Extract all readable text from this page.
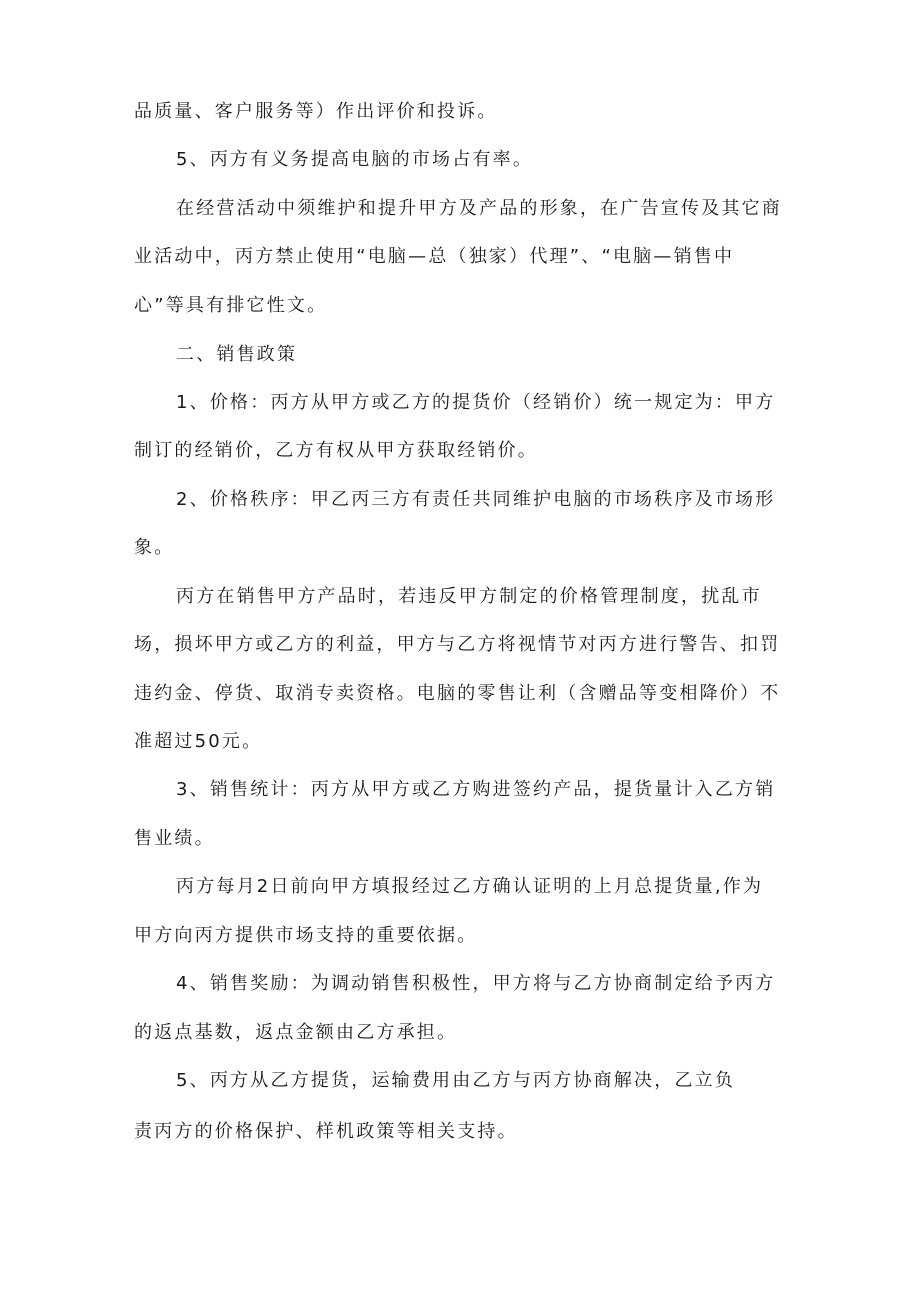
品质量、客户服务等）作出评价和投诉。

5、丙方有义务提高电脑的市场占有率。

在经营活动中须维护和提升甲方及产品的形象，在广告宣传及其它商

业活动中，丙方禁止使用“电脑—总（独家）代理”、“电脑—销售中

心”等具有排它性文。

二、销售政策

1、价格：丙方从甲方或乙方的提货价（经销价）统一规定为：甲方

制订的经销价，乙方有权从甲方获取经销价。

2、价格秩序：甲乙丙三方有责任共同维护电脑的市场秩序及市场形

象。

丙方在销售甲方产品时，若违反甲方制定的价格管理制度，扰乱市

场，损坏甲方或乙方的利益，甲方与乙方将视情节对丙方进行警告、扣罚

违约金、停货、取消专卖资格。电脑的零售让利（含赠品等变相降价）不

准超过50元。

3、销售统计：丙方从甲方或乙方购进签约产品，提货量计入乙方销

售业绩。

丙方每月2日前向甲方填报经过乙方确认证明的上月总提货量,作为

甲方向丙方提供市场支持的重要依据。

4、销售奖励：为调动销售积极性，甲方将与乙方协商制定给予丙方

的返点基数，返点金额由乙方承担。

5、丙方从乙方提货，运输费用由乙方与丙方协商解决，乙立负

责丙方的价格保护、样机政策等相关支持。
